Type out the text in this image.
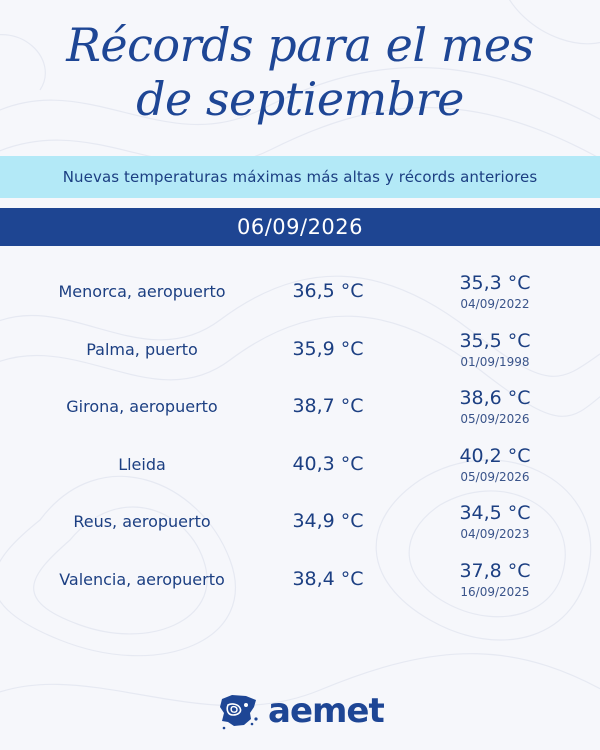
Récords para el mes
de septiembre
Nuevas temperaturas máximas más altas y récords anteriores
06/09/2026
Menorca, aeropuerto	36,5 °C	35,3 °C
04/09/2022
Palma, puerto	35,9 °C	35,5 °C
01/09/1998
Girona, aeropuerto	38,7 °C	38,6 °C
05/09/2026
Lleida	40,3 °C	40,2 °C
05/09/2026
Reus, aeropuerto	34,9 °C	34,5 °C
04/09/2023
Valencia, aeropuerto	38,4 °C	37,8 °C
16/09/2025
aemet
